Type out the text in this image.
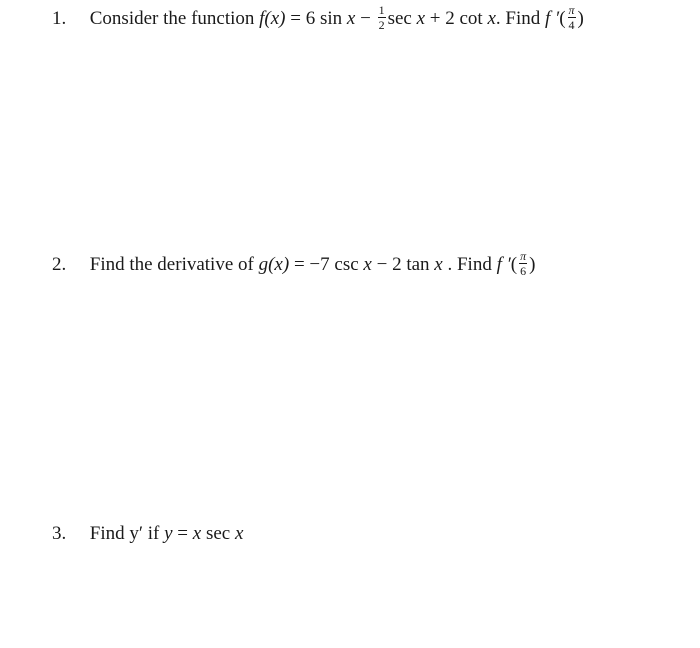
1. Consider the function f(x) = 6 $\sin x - \frac{1}{2}$ sec x + 2 cot x. Find f ′( $\frac{\pi}{4}$ )
2. Find the derivative of g(x) = −7 csc x − 2 tan x . Find f ′( $\frac{\pi}{6}$ )
3. Find y′ if y = x sec x
